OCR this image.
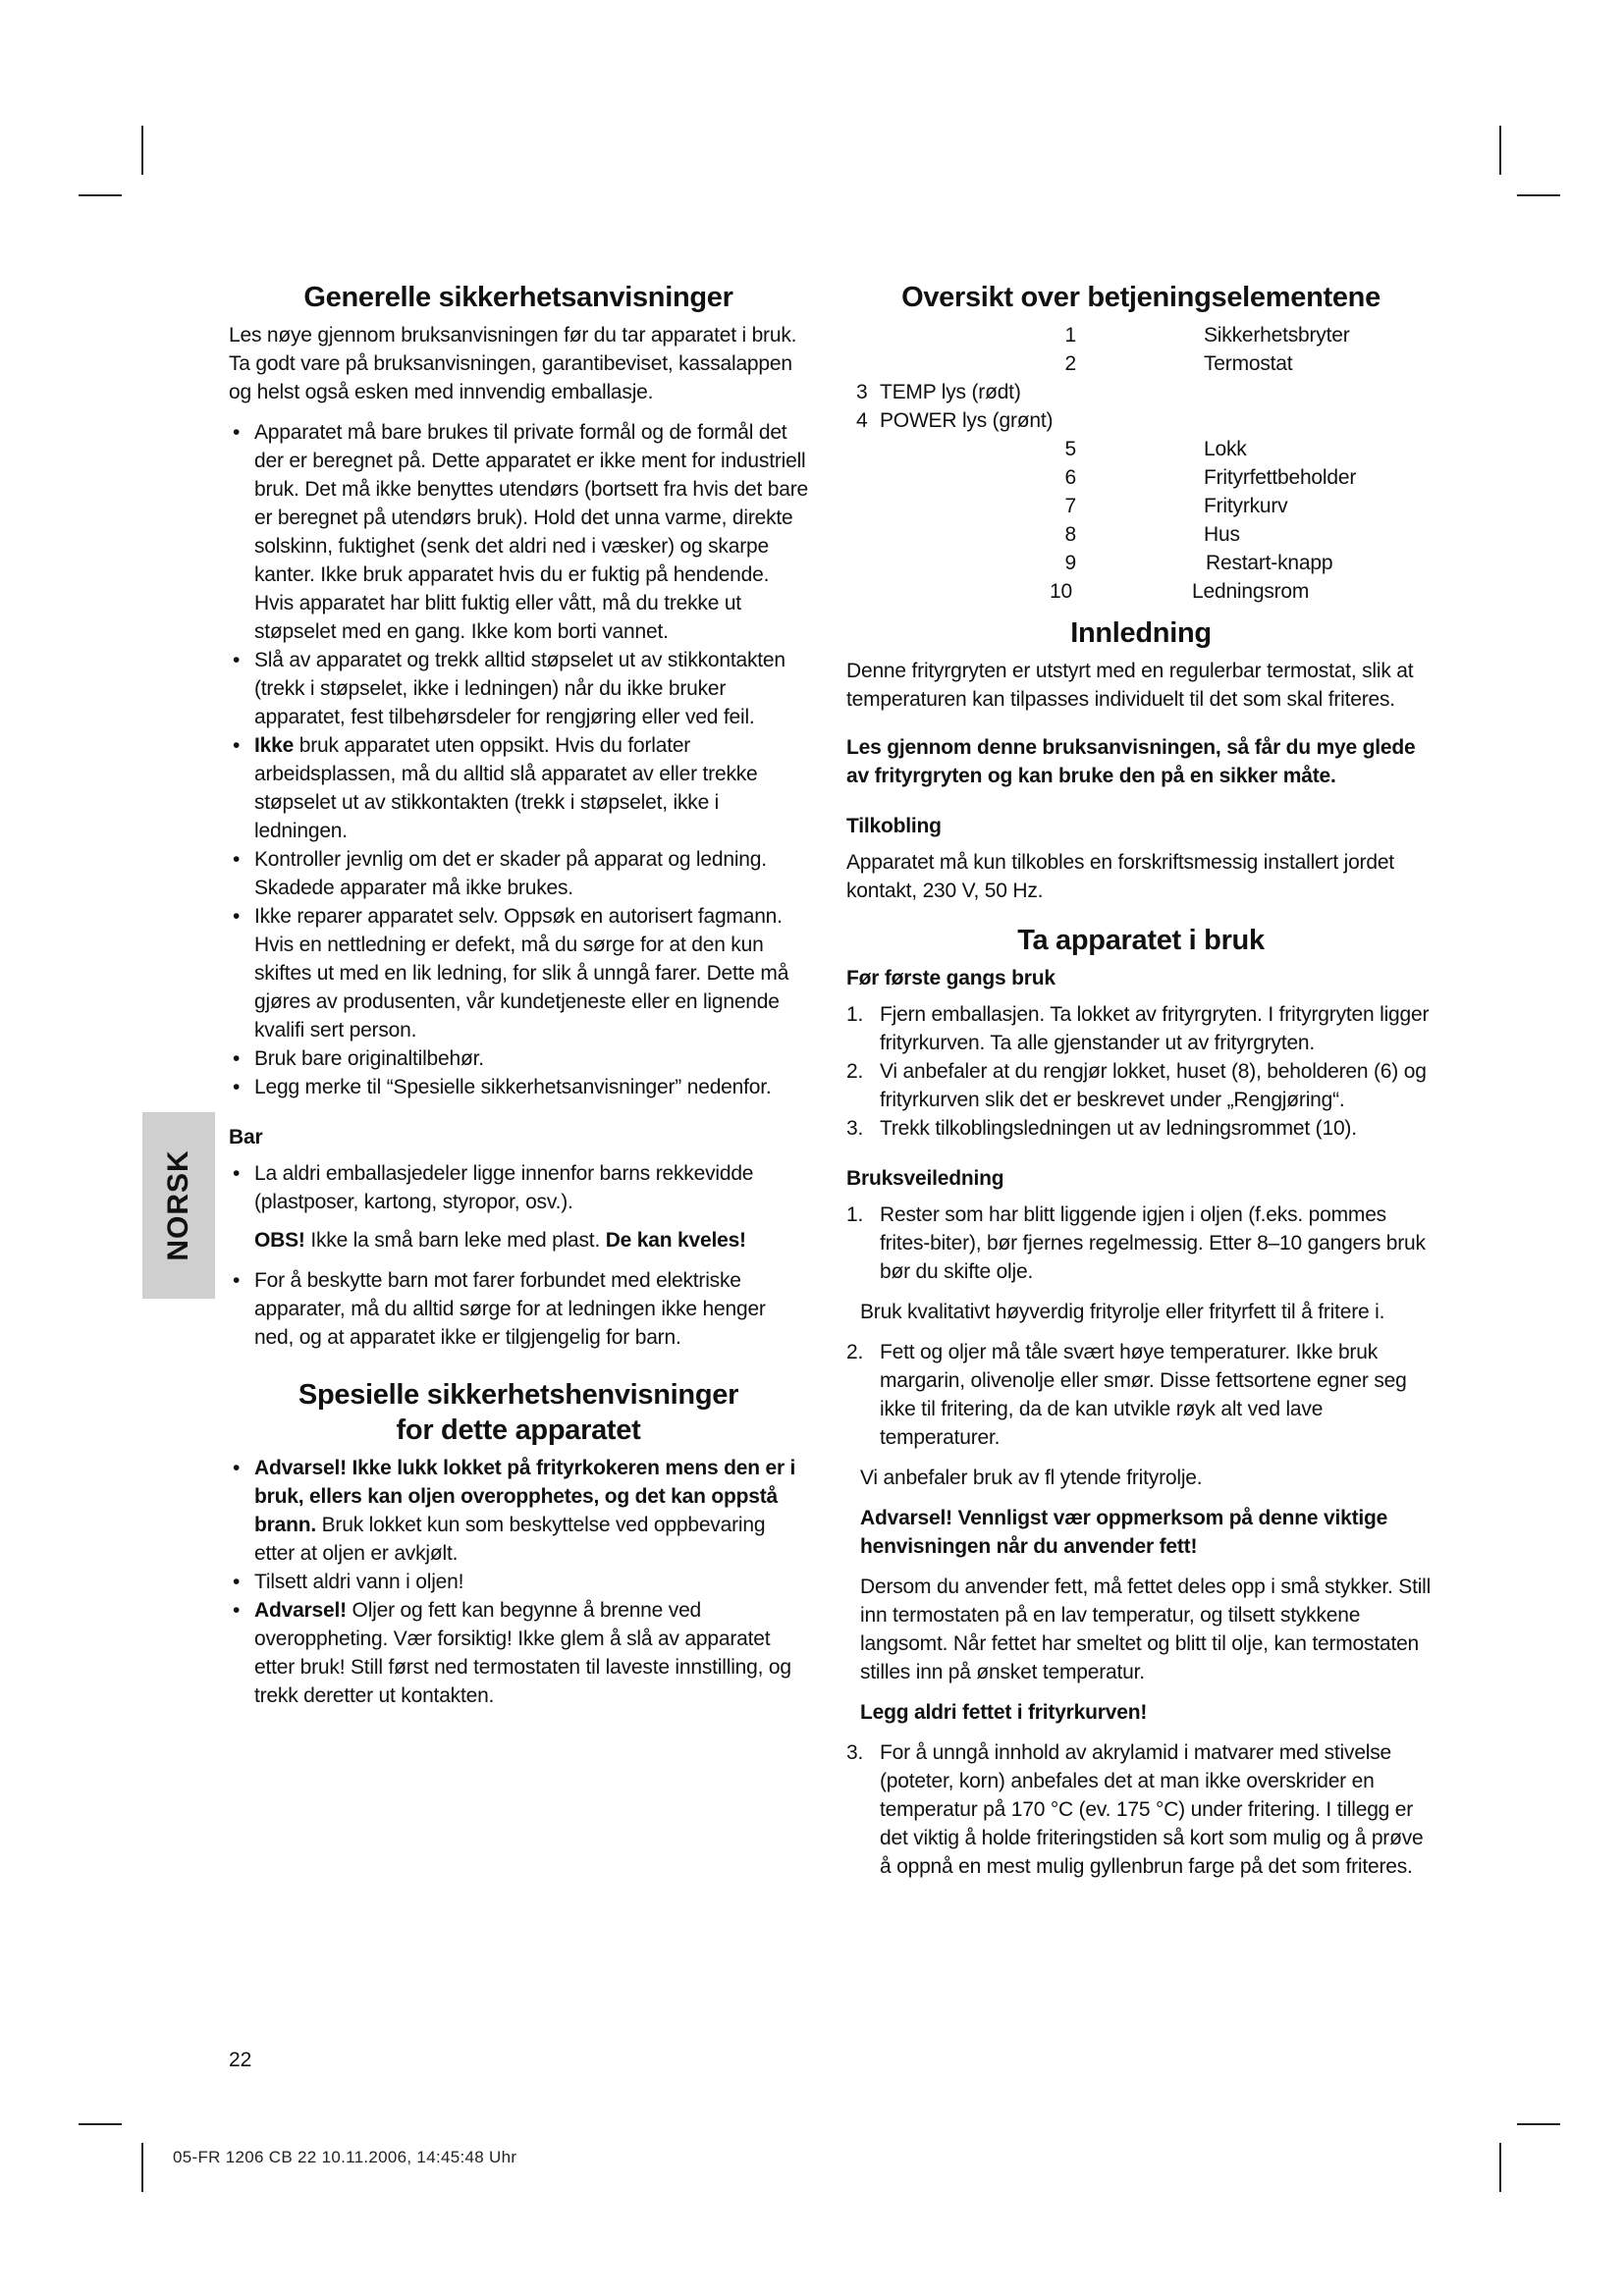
NORSK
Generelle sikkerhetsanvisninger

Les nøye gjennom bruksanvisningen før du tar apparatet i bruk. Ta godt vare på bruksanvisningen, garantibeviset, kassalappen og helst også esken med innvendig emballasje.

• Apparatet må bare brukes til private formål og de formål det der er beregnet på. Dette apparatet er ikke ment for industriell bruk. Det må ikke benyttes utendørs (bortsett fra hvis det bare er beregnet på utendørs bruk). Hold det unna varme, direkte solskinn, fuktighet (senk det aldri ned i væsker) og skarpe kanter. Ikke bruk apparatet hvis du er fuktig på hendende. Hvis apparatet har blitt fuktig eller vått, må du trekke ut støpselet med en gang. Ikke kom borti vannet.
• Slå av apparatet og trekk alltid støpselet ut av stikkontakten (trekk i støpselet, ikke i ledningen) når du ikke bruker apparatet, fest tilbehørsdeler for rengjøring eller ved feil.
• Ikke bruk apparatet uten oppsikt. Hvis du forlater arbeidsplassen, må du alltid slå apparatet av eller trekke støpselet ut av stikkontakten (trekk i støpselet, ikke i ledningen.
• Kontroller jevnlig om det er skader på apparat og ledning. Skadede apparater må ikke brukes.
• Ikke reparer apparatet selv. Oppsøk en autorisert fagmann. Hvis en nettledning er defekt, må du sørge for at den kun skiftes ut med en lik ledning, for slik å unngå farer. Dette må gjøres av produsenten, vår kundetjeneste eller en lignende kvalifi sert person.
• Bruk bare originaltilbehør.
• Legg merke til “Spesielle sikkerhetsanvisninger” nedenfor.
Bar
• La aldri emballasjedeler ligge innenfor barns rekkevidde (plastposer, kartong, styropor, osv.).

OBS! Ikke la små barn leke med plast. De kan kveles!

• For å beskytte barn mot farer forbundet med elektriske apparater, må du alltid sørge for at ledningen ikke henger ned, og at apparatet ikke er tilgjengelig for barn.
Spesielle sikkerhetshenvisninger
for dette apparatet
• Advarsel! Ikke lukk lokket på frityrkokeren mens den er i bruk, ellers kan oljen overopphetes, og det kan oppstå brann. Bruk lokket kun som beskyttelse ved oppbevaring etter at oljen er avkjølt.
• Tilsett aldri vann i oljen!
• Advarsel! Oljer og fett kan begynne å brenne ved overoppheting. Vær forsiktig! Ikke glem å slå av apparatet etter bruk! Still først ned termostaten til laveste innstilling, og trekk deretter ut kontakten.
Oversikt over betjeningselementene
1	Sikkerhetsbryter
2	Termostat
3 TEMP lys (rødt)
4 POWER lys (grønt)
5	Lokk
6	Frityrfettbeholder
7	Frityrkurv
8	Hus
9	Restart-knapp
10	Ledningsrom
Innledning

Denne frityrgryten er utstyrt med en regulerbar termostat, slik at temperaturen kan tilpasses individuelt til det som skal friteres.

Les gjennom denne bruksanvisningen, så får du mye glede av frityrgryten og kan bruke den på en sikker måte.

Tilkobling

Apparatet må kun tilkobles en forskriftsmessig installert jordet kontakt, 230 V, 50 Hz.

Ta apparatet i bruk
Før første gangs bruk
1. Fjern emballasjen. Ta lokket av frityrgryten. I frityrgryten ligger frityrkurven. Ta alle gjenstander ut av frityrgryten.
2. Vi anbefaler at du rengjør lokket, huset (8), beholderen (6) og frityrkurven slik det er beskrevet under „Rengjøring“.
3. Trekk tilkoblingsledningen ut av ledningsrommet (10).
Bruksveiledning
1. Rester som har blitt liggende igjen i oljen (f.eks. pommes frites-biter), bør fjernes regelmessig. Etter 8–10 gangers bruk bør du skifte olje.

Bruk kvalitativt høyverdig frityrolje eller frityrfett til å fritere i.

2. Fett og oljer må tåle svært høye temperaturer. Ikke bruk margarin, olivenolje eller smør. Disse fettsortene egner seg ikke til fritering, da de kan utvikle røyk alt ved lave temperaturer.

Vi anbefaler bruk av fl ytende frityrolje.

Advarsel! Vennligst vær oppmerksom på denne viktige henvisningen når du anvender fett!

Dersom du anvender fett, må fettet deles opp i små stykker. Still inn termostaten på en lav temperatur, og tilsett stykkene langsomt. Når fettet har smeltet og blitt til olje, kan termostaten stilles inn på ønsket temperatur.

Legg aldri fettet i frityrkurven!

3. For å unngå innhold av akrylamid i matvarer med stivelse (poteter, korn) anbefales det at man ikke overskrider en temperatur på 170 °C (ev. 175 °C) under fritering. I tillegg er det viktig å holde friteringstiden så kort som mulig og å prøve å oppnå en mest mulig gyllenbrun farge på det som friteres.
22
05-FR 1206 CB 22 10.11.2006, 14:45:48 Uhr
